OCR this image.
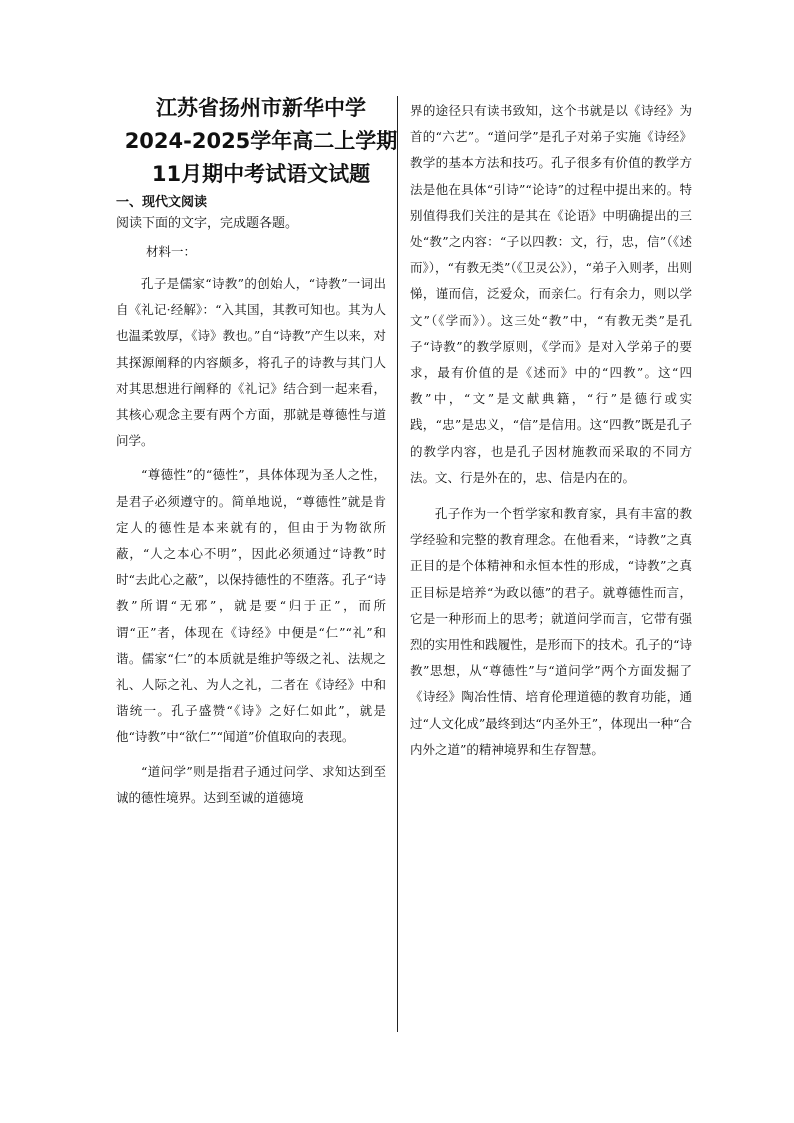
江苏省扬州市新华中学
2024-2025学年高二上学期
11月期中考试语文试题
一、现代文阅读
阅读下面的文字，完成题各题。
材料一：

孔子是儒家“诗教”的创始人，“诗教”一词出自《礼记·经解》：“入其国，其教可知也。其为人也温柔敦厚，《诗》教也。”自“诗教”产生以来，对其探源阐释的内容颇多，将孔子的诗教与其门人对其思想进行阐释的《礼记》结合到一起来看，其核心观念主要有两个方面，那就是尊德性与道问学。

“尊德性”的“德性”，具体体现为圣人之性，是君子必须遵守的。简单地说，“尊德性”就是肯定人的德性是本来就有的，但由于为物欲所蔽，“人之本心不明”，因此必须通过“诗教”时时“去此心之蔽”，以保持德性的不堕落。孔子“诗教”所谓“无邪”，就是要“归于正”，而所谓“正”者，体现在《诗经》中便是“仁”“礼”和谐。儒家“仁”的本质就是维护等级之礼、法规之礼、人际之礼、为人之礼，二者在《诗经》中和谐统一。孔子盛赞“《诗》之好仁如此”，就是他“诗教”中“欲仁”“闻道”价值取向的表现。

“道问学”则是指君子通过问学、求知达到至诚的德性境界。达到至诚的道德境

界的途径只有读书致知，这个书就是以《诗经》为首的“六艺”。“道问学”是孔子对弟子实施《诗经》教学的基本方法和技巧。孔子很多有价值的教学方法是他在具体“引诗”“论诗”的过程中提出来的。特别值得我们关注的是其在《论语》中明确提出的三处“教”之内容：“子以四教：文，行，忠，信”（《述而》），“有教无类”（《卫灵公》），“弟子入则孝，出则悌，谨而信，泛爱众，而亲仁。行有余力，则以学文”（《学而》）。这三处“教”中，“有教无类”是孔子“诗教”的教学原则，《学而》是对入学弟子的要求，最有价值的是《述而》中的“四教”。这“四教”中，“文”是文献典籍，“行”是德行或实践，“忠”是忠义，“信”是信用。这“四教”既是孔子的教学内容，也是孔子因材施教而采取的不同方法。文、行是外在的，忠、信是内在的。

孔子作为一个哲学家和教育家，具有丰富的教学经验和完整的教育理念。在他看来，“诗教”之真正目的是个体精神和永恒本性的形成，“诗教”之真正目标是培养“为政以德”的君子。就尊德性而言，它是一种形而上的思考；就道问学而言，它带有强烈的实用性和践履性，是形而下的技术。孔子的“诗教”思想，从“尊德性”与“道问学”两个方面发掘了《诗经》陶冶性情、培育伦理道德的教育功能，通过“人文化成”最终到达“内圣外王”，体现出一种“合内外之道”的精神境界和生存智慧。
